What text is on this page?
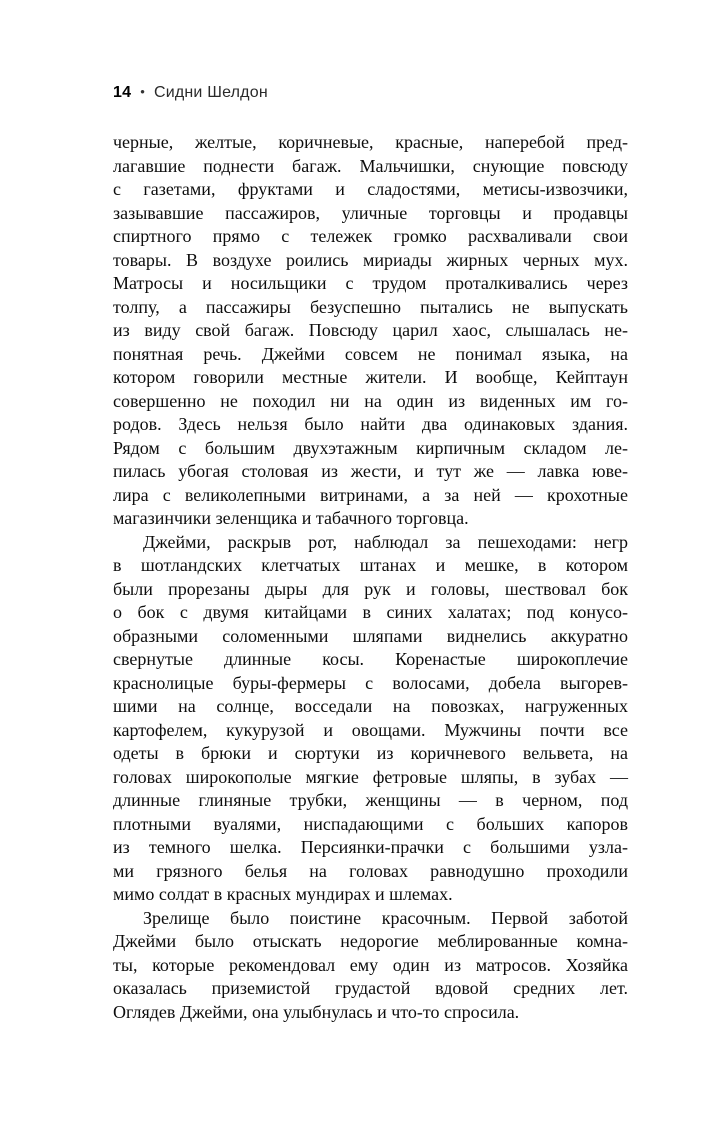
14 • Сидни Шелдон
черные, желтые, коричневые, красные, наперебой пред-
лагавшие поднести багаж. Мальчишки, снующие повсюду
с газетами, фруктами и сладостями, метисы-извозчики,
зазывавшие пассажиров, уличные торговцы и продавцы
спиртного прямо с тележек громко расхваливали свои
товары. В воздухе роились мириады жирных черных мух.
Матросы и носильщики с трудом проталкивались через
толпу, а пассажиры безуспешно пытались не выпускать
из виду свой багаж. Повсюду царил хаос, слышалась не-
понятная речь. Джейми совсем не понимал языка, на
котором говорили местные жители. И вообще, Кейптаун
совершенно не походил ни на один из виденных им го-
родов. Здесь нельзя было найти два одинаковых здания.
Рядом с большим двухэтажным кирпичным складом ле-
пилась убогая столовая из жести, и тут же — лавка юве-
лира с великолепными витринами, а за ней — крохотные
магазинчики зеленщика и табачного торговца.
Джейми, раскрыв рот, наблюдал за пешеходами: негр
в шотландских клетчатых штанах и мешке, в котором
были прорезаны дыры для рук и головы, шествовал бок
о бок с двумя китайцами в синих халатах; под конусо-
образными соломенными шляпами виднелись аккуратно
свернутые длинные косы. Коренастые широкоплечие
краснолицые буры-фермеры с волосами, добела выгорев-
шими на солнце, восседали на повозках, нагруженных
картофелем, кукурузой и овощами. Мужчины почти все
одеты в брюки и сюртуки из коричневого вельвета, на
головах широкополые мягкие фетровые шляпы, в зубах —
длинные глиняные трубки, женщины — в черном, под
плотными вуалями, ниспадающими с больших капоров
из темного шелка. Персиянки-прачки с большими узла-
ми грязного белья на головах равнодушно проходили
мимо солдат в красных мундирах и шлемах.
Зрелище было поистине красочным. Первой заботой
Джейми было отыскать недорогие меблированные комна-
ты, которые рекомендовал ему один из матросов. Хозяйка
оказалась приземистой грудастой вдовой средних лет.
Оглядев Джейми, она улыбнулась и что-то спросила.
